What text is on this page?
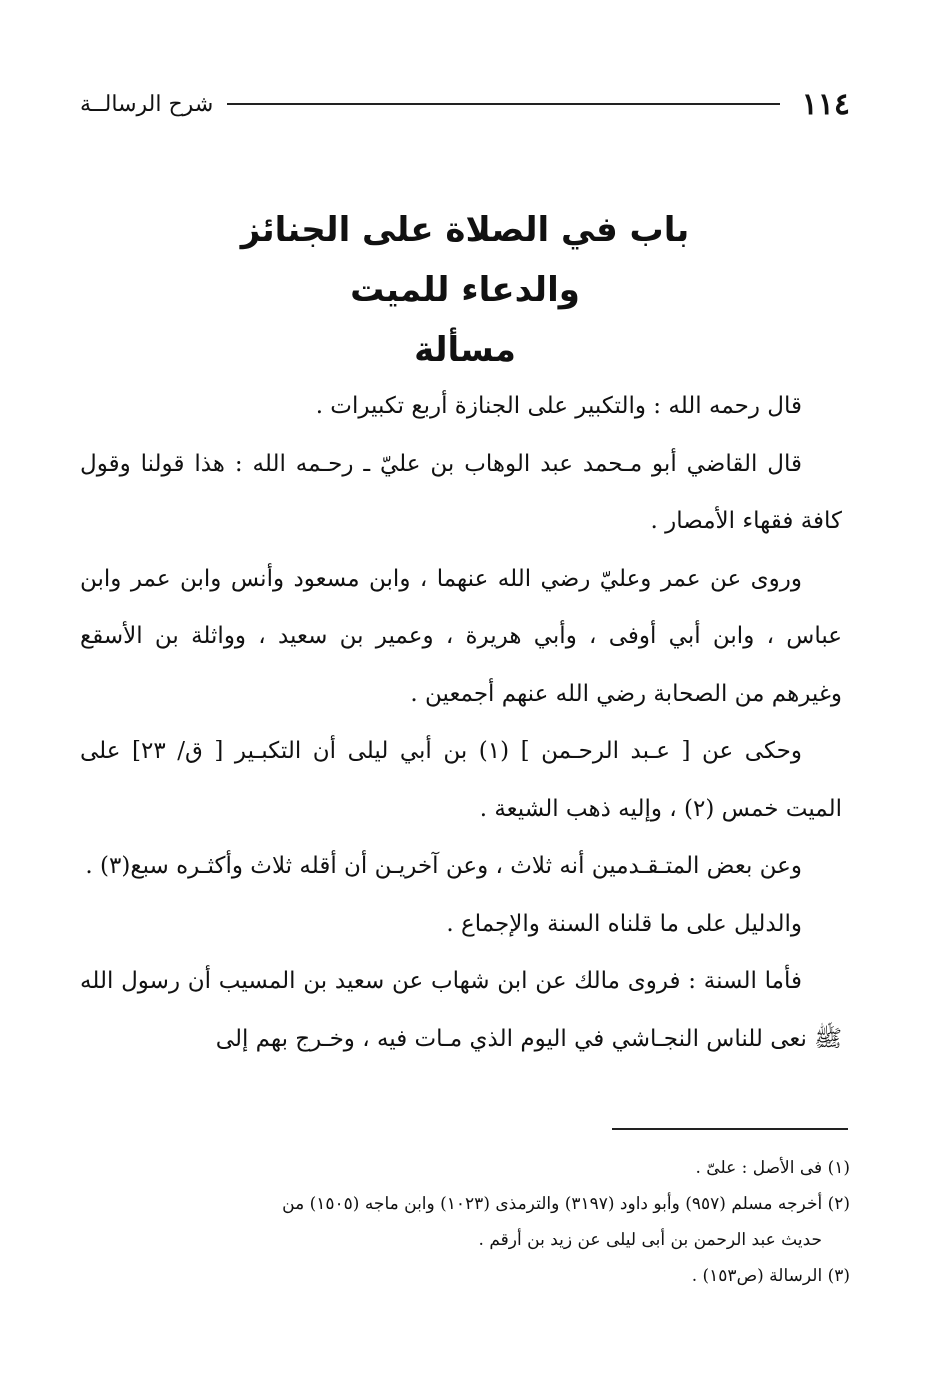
١١٤
شرح الرسالــة
باب في الصلاة على الجنائز
والدعاء للميت
مسألة

قال رحمه الله : والتكبير على الجنازة أربع تكبيرات .

قال القاضي أبو مـحمد عبد الوهاب بن عليّ ـ رحـمه الله : هذا قولنا وقول كافة فقهاء الأمصار .

وروى عن عمر وعليّ رضي الله عنهما ، وابن مسعود وأنس وابن عمر وابن عباس ، وابن أبي أوفى ، وأبي هريرة ، وعمير بن سعيد ، وواثلة بن الأسقع وغيرهم من الصحابة رضي الله عنهم أجمعين .

وحكى عن [ عـبد الرحـمن ] (١) بن أبي ليلى أن التكبـير [ ق/ ٢٣] على الميت خمس (٢) ، وإليه ذهب الشيعة .

وعن بعض المتـقـدمين أنه ثلاث ، وعن آخريـن أن أقله ثلاث وأكثـره سبع(٣) .

والدليل على ما قلناه السنة والإجماع .

فأما السنة : فروى مالك عن ابن شهاب عن سعيد بن المسيب أن رسول الله ﷺ نعى للناس النجـاشي في اليوم الذي مـات فيه ، وخـرج بهم إلى

(١) فى الأصل : علىّ .

(٢) أخرجه مسلم (٩٥٧) وأبو داود (٣١٩٧) والترمذى (١٠٢٣) وابن ماجه (١٥٠٥) من

حديث عبد الرحمن بن أبى ليلى عن زيد بن أرقم .

(٣) الرسالة (ص١٥٣) .
